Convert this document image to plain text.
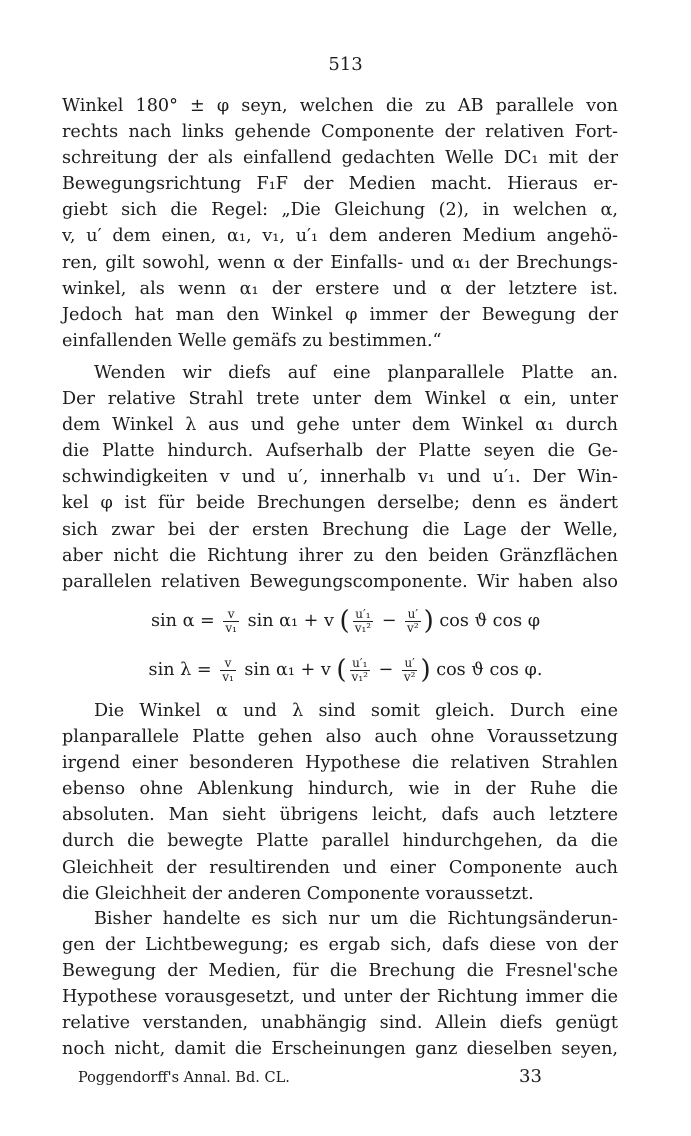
513
Winkel 180° ± φ seyn, welchen die zu AB parallele von
rechts nach links gehende Componente der relativen Fort-
schreitung der als einfallend gedachten Welle DC₁ mit der
Bewegungsrichtung F₁F der Medien macht. Hieraus er-
giebt sich die Regel: „Die Gleichung (2), in welchen α,
v, u′ dem einen, α₁, v₁, u′₁ dem anderen Medium angehö-
ren, gilt sowohl, wenn α der Einfalls- und α₁ der Brechungs-
winkel, als wenn α₁ der erstere und α der letztere ist.
Jedoch hat man den Winkel φ immer der Bewegung der
einfallenden Welle gemäfs zu bestimmen.“
Wenden wir diefs auf eine planparallele Platte an.
Der relative Strahl trete unter dem Winkel α ein, unter
dem Winkel λ aus und gehe unter dem Winkel α₁ durch
die Platte hindurch. Aufserhalb der Platte seyen die Ge-
schwindigkeiten v und u′, innerhalb v₁ und u′₁. Der Win-
kel φ ist für beide Brechungen derselbe; denn es ändert
sich zwar bei der ersten Brechung die Lage der Welle,
aber nicht die Richtung ihrer zu den beiden Gränzflächen
parallelen relativen Bewegungscomponente. Wir haben also
$\sin \alpha = \frac{v}{\text{v₁}}$ sin α₁ + v ( $\frac{\text{u′₁}}{\text{v₁²}} - \frac{u'}{\text{v²}}$ ) cos ϑ cos φ
$\sin \lambda = \frac{v}{\text{v₁}}$ sin α₁ + v ( $\frac{\text{u′₁}}{\text{v₁²}} - \frac{u'}{\text{v²}}$ ) cos ϑ cos φ.
Die Winkel α und λ sind somit gleich. Durch eine
planparallele Platte gehen also auch ohne Voraussetzung
irgend einer besonderen Hypothese die relativen Strahlen
ebenso ohne Ablenkung hindurch, wie in der Ruhe die
absoluten. Man sieht übrigens leicht, dafs auch letztere
durch die bewegte Platte parallel hindurchgehen, da die
Gleichheit der resultirenden und einer Componente auch
die Gleichheit der anderen Componente voraussetzt.
Bisher handelte es sich nur um die Richtungsänderun-
gen der Lichtbewegung; es ergab sich, dafs diese von der
Bewegung der Medien, für die Brechung die Fresnel'sche
Hypothese vorausgesetzt, und unter der Richtung immer die
relative verstanden, unabhängig sind. Allein diefs genügt
noch nicht, damit die Erscheinungen ganz dieselben seyen,
Poggendorff's Annal. Bd. CL.	33
